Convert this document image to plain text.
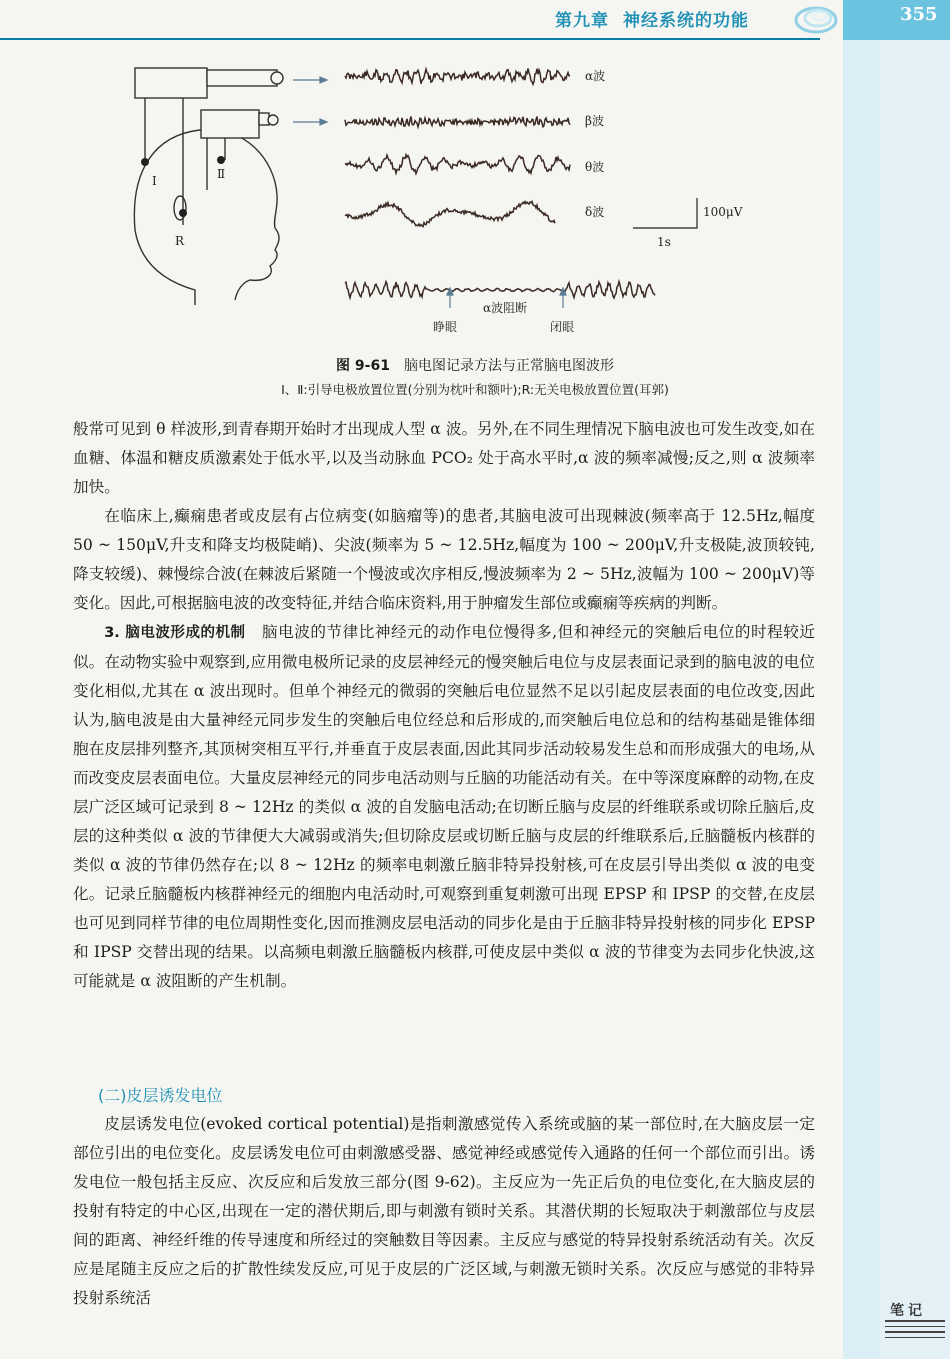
第九章 神经系统的功能	355
I	Ⅱ
R
α波
β波
θ波
δ波	100μV
1s
α波阻断
睁眼	闭眼
图 9-61 脑电图记录方法与正常脑电图波形
Ⅰ、Ⅱ:引导电极放置位置(分别为枕叶和额叶);R:无关电极放置位置(耳郭)

般常可见到 θ 样波形,到青春期开始时才出现成人型 α 波。另外,在不同生理情况下脑电波也可发生改变,如在血糖、体温和糖皮质激素处于低水平,以及当动脉血 PCO₂ 处于高水平时,α 波的频率减慢;反之,则 α 波频率加快。

在临床上,癫痫患者或皮层有占位病变(如脑瘤等)的患者,其脑电波可出现棘波(频率高于 12.5Hz,幅度 50 ~ 150μV,升支和降支均极陡峭)、尖波(频率为 5 ~ 12.5Hz,幅度为 100 ~ 200μV,升支极陡,波顶较钝,降支较缓)、棘慢综合波(在棘波后紧随一个慢波或次序相反,慢波频率为 2 ~ 5Hz,波幅为 100 ~ 200μV)等变化。因此,可根据脑电波的改变特征,并结合临床资料,用于肿瘤发生部位或癫痫等疾病的判断。

3. 脑电波形成的机制 脑电波的节律比神经元的动作电位慢得多,但和神经元的突触后电位的时程较近似。在动物实验中观察到,应用微电极所记录的皮层神经元的慢突触后电位与皮层表面记录到的脑电波的电位变化相似,尤其在 α 波出现时。但单个神经元的微弱的突触后电位显然不足以引起皮层表面的电位改变,因此认为,脑电波是由大量神经元同步发生的突触后电位经总和后形成的,而突触后电位总和的结构基础是锥体细胞在皮层排列整齐,其顶树突相互平行,并垂直于皮层表面,因此其同步活动较易发生总和而形成强大的电场,从而改变皮层表面电位。大量皮层神经元的同步电活动则与丘脑的功能活动有关。在中等深度麻醉的动物,在皮层广泛区域可记录到 8 ~ 12Hz 的类似 α 波的自发脑电活动;在切断丘脑与皮层的纤维联系或切除丘脑后,皮层的这种类似 α 波的节律便大大减弱或消失;但切除皮层或切断丘脑与皮层的纤维联系后,丘脑髓板内核群的类似 α 波的节律仍然存在;以 8 ~ 12Hz 的频率电刺激丘脑非特异投射核,可在皮层引导出类似 α 波的电变化。记录丘脑髓板内核群神经元的细胞内电活动时,可观察到重复刺激可出现 EPSP 和 IPSP 的交替,在皮层也可见到同样节律的电位周期性变化,因而推测皮层电活动的同步化是由于丘脑非特异投射核的同步化 EPSP 和 IPSP 交替出现的结果。以高频电刺激丘脑髓板内核群,可使皮层中类似 α 波的节律变为去同步化快波,这可能就是 α 波阻断的产生机制。

(二)皮层诱发电位

皮层诱发电位(evoked cortical potential)是指刺激感觉传入系统或脑的某一部位时,在大脑皮层一定部位引出的电位变化。皮层诱发电位可由刺激感受器、感觉神经或感觉传入通路的任何一个部位而引出。诱发电位一般包括主反应、次反应和后发放三部分(图 9-62)。主反应为一先正后负的电位变化,在大脑皮层的投射有特定的中心区,出现在一定的潜伏期后,即与刺激有锁时关系。其潜伏期的长短取决于刺激部位与皮层间的距离、神经纤维的传导速度和所经过的突触数目等因素。主反应与感觉的特异投射系统活动有关。次反应是尾随主反应之后的扩散性续发反应,可见于皮层的广泛区域,与刺激无锁时关系。次反应与感觉的非特异投射系统活

笔记
